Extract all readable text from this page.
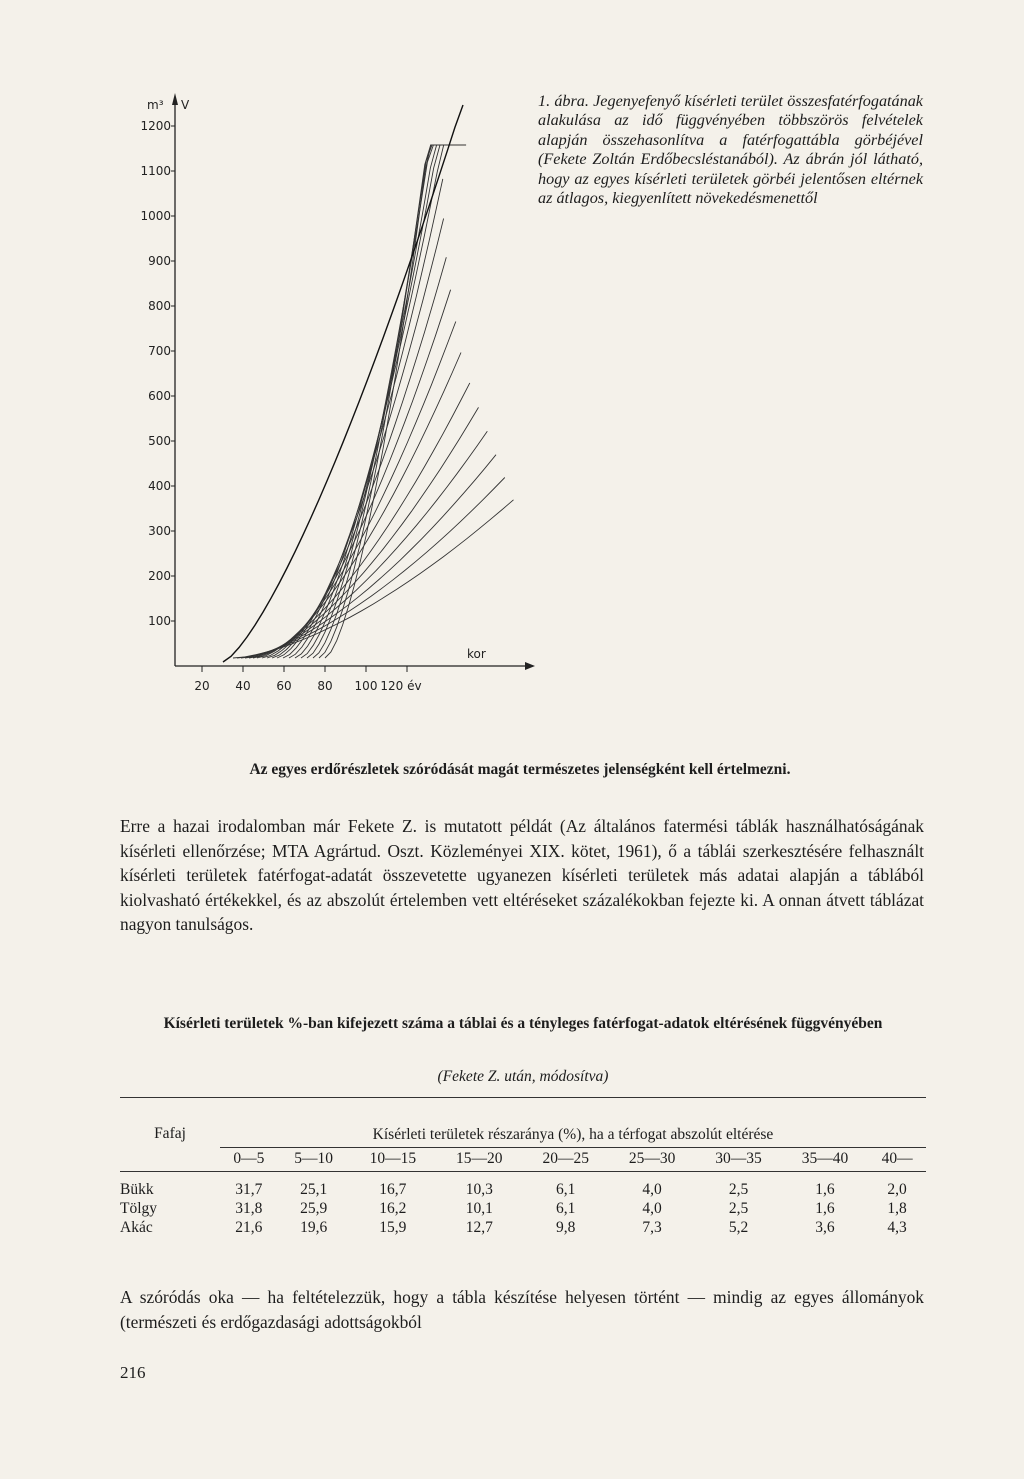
m³ V
kor
100
200
300
400
500
600
700
800
900
1000
1100
1200
20 40 60 80 100 120 év
1. ábra. Jegenyefenyő kísérleti terület összesfatérfogatának alakulása az idő függvényében többszörös felvételek alapján összehasonlítva a fatérfogattábla görbéjével (Fekete Zoltán Erdőbecsléstanából). Az ábrán jól látható, hogy az egyes kísérleti területek görbéi jelentősen eltérnek az átlagos, kiegyenlített növekedésmenettől
Az egyes erdőrészletek szóródását magát természetes jelenségként kell értelmezni.
Erre a hazai irodalomban már Fekete Z. is mutatott példát (Az általános fatermési táblák használhatóságának kísérleti ellenőrzése; MTA Agrártud. Oszt. Közleményei XIX. kötet, 1961), ő a táblái szerkesztésére felhasznált kísérleti területek fatérfogat-adatát összevetette ugyanezen kísérleti területek más adatai alapján a táblából kiolvasható értékekkel, és az abszolút értelemben vett eltéréseket százalékokban fejezte ki. A onnan átvett táblázat nagyon tanulságos.
Kísérleti területek %-ban kifejezett száma a táblai és a tényleges fatérfogat-adatok eltérésének függvényében
(Fekete Z. után, módosítva)
Fafaj	Kísérleti területek részaránya (%), ha a térfogat abszolút eltérése								
	0—5	5—10	10—15	15—20	20—25	25—30	30—35	35—40	40—
Bükk	31,7	25,1	16,7	10,3	6,1	4,0	2,5	1,6	2,0
Tölgy	31,8	25,9	16,2	10,1	6,1	4,0	2,5	1,6	1,8
Akác	21,6	19,6	15,9	12,7	9,8	7,3	5,2	3,6	4,3
A szóródás oka — ha feltételezzük, hogy a tábla készítése helyesen történt — mindig az egyes állományok (természeti és erdőgazdasági adottságokból
216
